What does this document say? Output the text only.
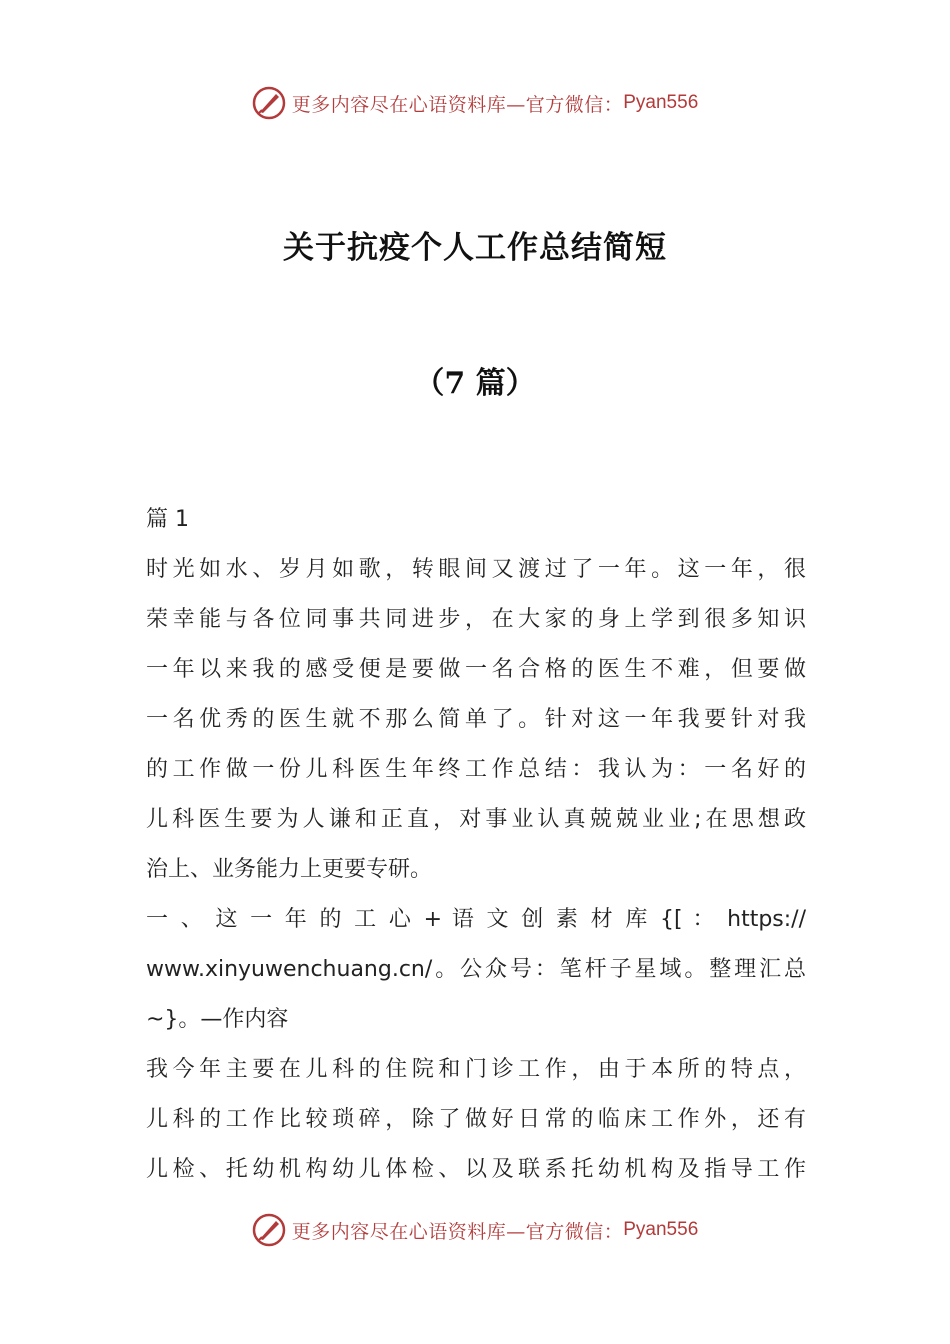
更多内容尽在心语资料库—官方微信： Pyan556
关于抗疫个人工作总结简短
（7 篇）
篇 1
时光如水、岁月如歌，转眼间又渡过了一年。这一年，很
荣幸能与各位同事共同进步，在大家的身上学到很多知识
一年以来我的感受便是要做一名合格的医生不难，但要做
一名优秀的医生就不那么简单了。针对这一年我要针对我
的工作做一份儿科医生年终工作总结：我认为：一名好的
儿科医生要为人谦和正直，对事业认真兢兢业业;在思想政
治上、业务能力上更要专研。
一 、 这 一 年 的 工 心 + 语 文 创 素 材 库 {[ ： https://
www.xinyuwenchuang.cn/。公众号：笔杆子星域。整理汇总
~}。—作内容
我今年主要在儿科的住院和门诊工作，由于本所的特点，
儿科的工作比较琐碎，除了做好日常的临床工作外，还有
儿检、托幼机构幼儿体检、以及联系托幼机构及指导工作
更多内容尽在心语资料库—官方微信： Pyan556
